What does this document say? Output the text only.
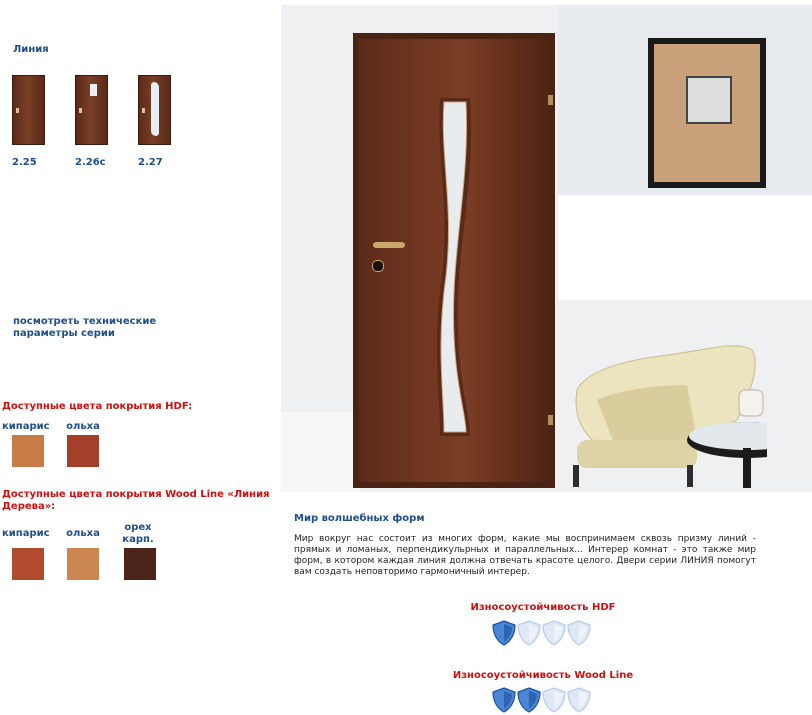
Линия
2.25	2.26с	2.27
посмотреть технические параметры серии
Доступные цвета покрытия HDF:
кипарис	ольха
Доступные цвета покрытия Wood Line «Линия Дерева»:
кипарис	ольха
орех карп.
Мир волшебных форм
Мир вокруг нас состоит из многих форм, какие мы воспринимаем сквозь призму линий - прямых и ломаных, перпендикульрных и параллельных... Интерер комнат - это также мир форм, в котором каждая линия должна отвечать красоте целого. Двери серии ЛИНИЯ помогут вам создать неповторимо гармоничный интерер.
Износоустойчивость HDF
Износоустойчивость Wood Line
